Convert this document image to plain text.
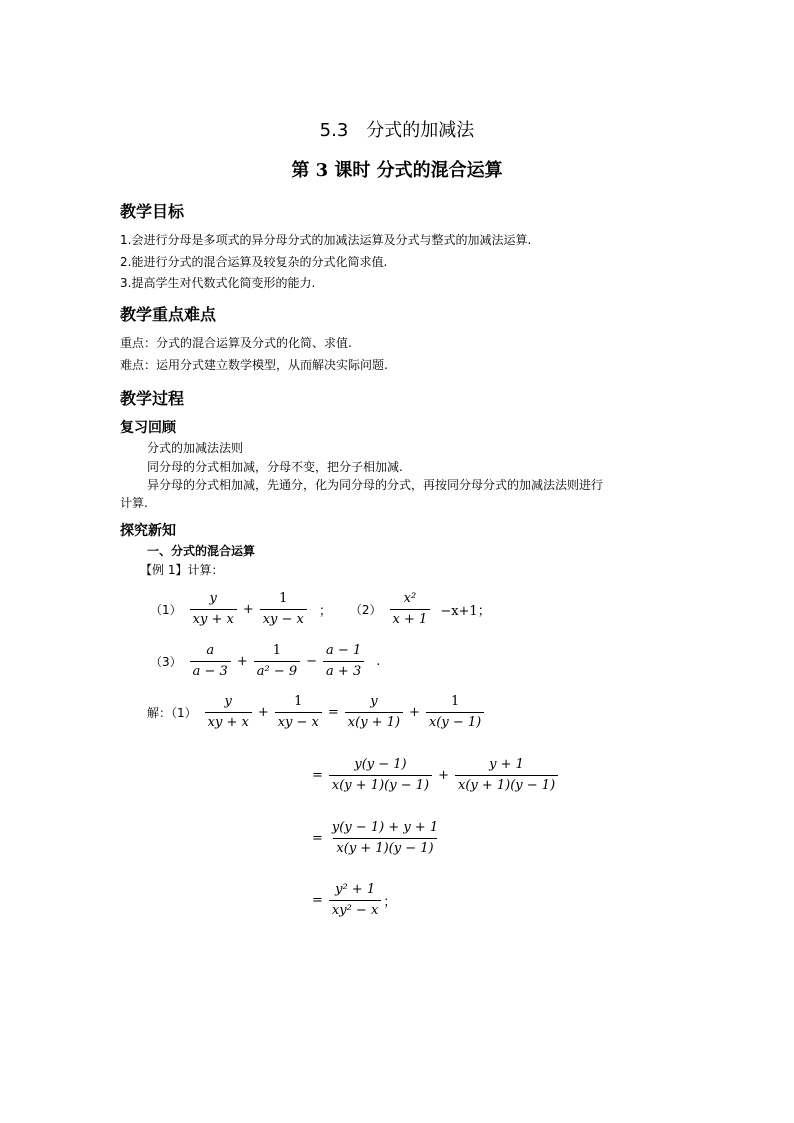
5.3　分式的加减法
第 3 课时 分式的混合运算
教学目标
1.会进行分母是多项式的异分母分式的加减法运算及分式与整式的加减法运算.
2.能进行分式的混合运算及较复杂的分式化简求值.
3.提高学生对代数式化简变形的能力.
教学重点难点
重点：分式的混合运算及分式的化简、求值.
难点：运用分式建立数学模型，从而解决实际问题.
教学过程
复习回顾
分式的加减法法则
同分母的分式相加减，分母不变，把分子相加减.
异分母的分式相加减，先通分，化为同分母的分式，再按同分母分式的加减法法则进行
计算.
探究新知
一、分式的混合运算
【例 1】计算：
$(1) \frac{y}{xy + x} + \frac{1}{xy - x}$ ； $(2) \frac{\text{x²}}{x + 1} -x+1$；
$(3) \frac{a}{a - 3} + \frac{1}{\text{a² − 9}} - \frac{a - 1}{a + 3}$ .
解：$(1) \frac{y}{xy + x} + \frac{1}{xy - x} = \frac{y}{x(y + 1)} + \frac{1}{x(y - 1)}$
= $\frac{y(y - 1)}{x(y + 1)(y - 1)} + \frac{y + 1}{x(y + 1)(y - 1)}$
= $\frac{y(y - 1) + y + 1}{x(y + 1)(y - 1)}$
= $\frac{\text{y² + 1}}{\text{xy² − x}}$ ；
